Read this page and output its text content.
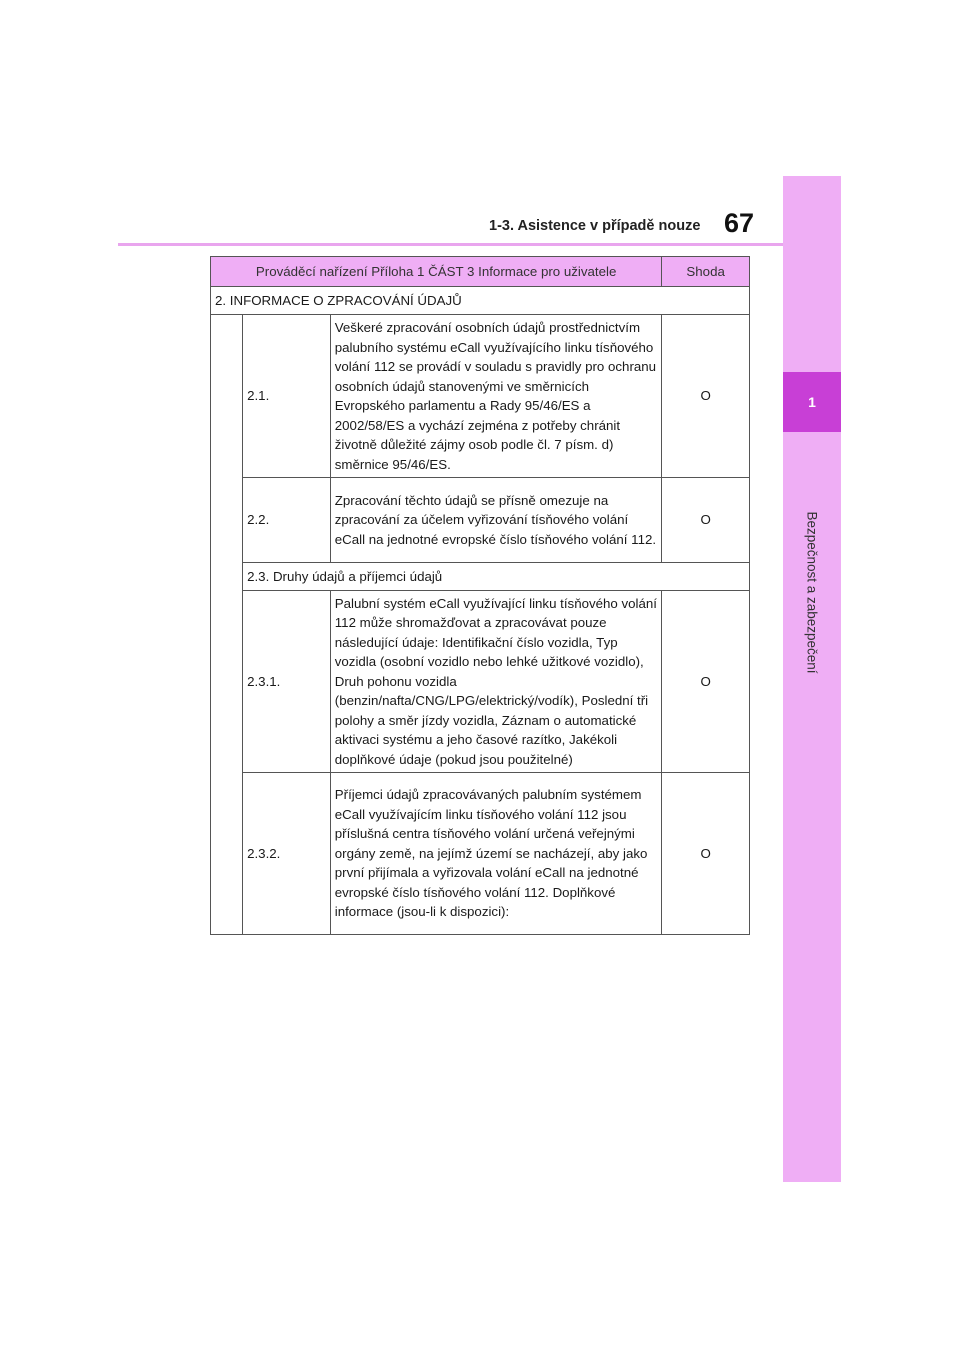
1
Bezpečnost a zabezpečení
1-3. Asistence v případě nouze 67
Prováděcí nařízení Příloha 1 ČÁST 3 Informace pro uživatele			Shoda
2. INFORMACE O ZPRACOVÁNÍ ÚDAJŮ			
	2.1.	Veškeré zpracování osobních údajů prostřednictvím palubního systému eCall využívajícího linku tísňového volání 112 se provádí v souladu s pravidly pro ochranu osobních údajů stanovenými ve směrnicích Evropského parlamentu a Rady 95/46/ES a 2002/58/ES a vychází zejména z potřeby chránit životně důležité zájmy osob podle čl. 7 písm. d) směrnice 95/46/ES.	O
	2.2.	Zpracování těchto údajů se přísně omezuje na zpracování za účelem vyřizování tísňového volání eCall na jednotné evropské číslo tísňového volání 112.	O
	2.3. Druhy údajů a příjemci údajů		
	2.3.1.	Palubní systém eCall využívající linku tísňového volání 112 může shromažďovat a zpracovávat pouze následující údaje: Identifikační číslo vozidla, Typ vozidla (osobní vozidlo nebo lehké užitkové vozidlo), Druh pohonu vozidla (benzin/nafta/CNG/LPG/elektrický/vodík), Poslední tři polohy a směr jízdy vozidla, Záznam o automatické aktivaci systému a jeho časové razítko, Jakékoli doplňkové údaje (pokud jsou použitelné)	O
	2.3.2.	Příjemci údajů zpracovávaných palubním systémem eCall využívajícím linku tísňového volání 112 jsou příslušná centra tísňového volání určená veřejnými orgány země, na jejímž území se nacházejí, aby jako první přijímala a vyřizovala volání eCall na jednotné evropské číslo tísňového volání 112. Doplňkové informace (jsou-li k dispozici):	O
